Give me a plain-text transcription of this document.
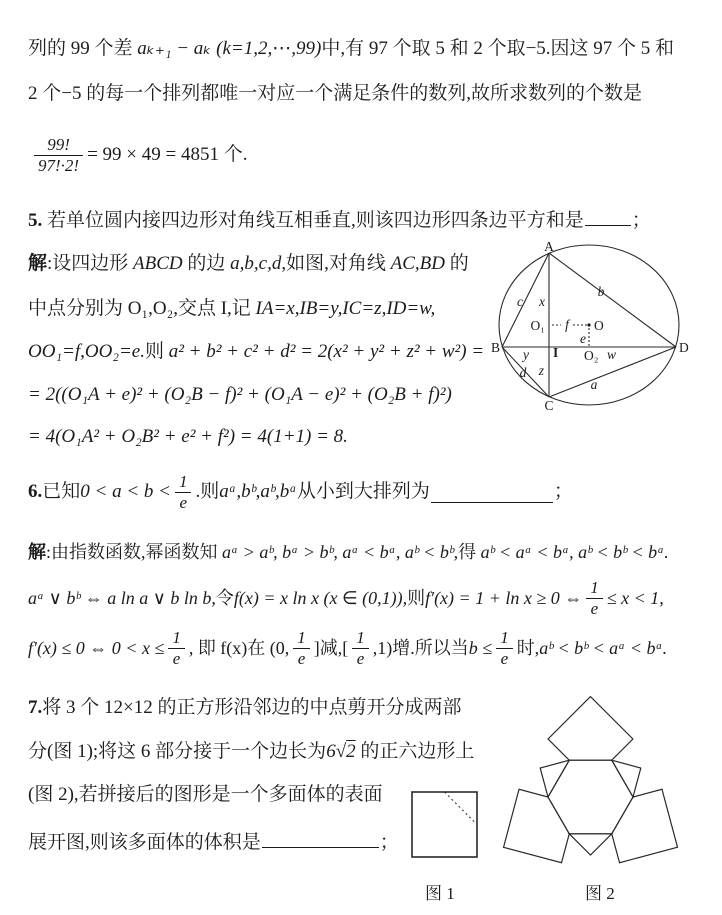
列的 99 个差 aₖ₊₁ − aₖ (k=1,2,⋯,99)中,有 97 个取 5 和 2 个取−5.因这 97 个 5 和
2 个−5 的每一个排列都唯一对应一个满足条件的数列,故所求数列的个数是
$\frac{99!}{97!\cdot 2!} = 99 \times 49 = 4851$ 个.
5. 若单位圆内接四边形对角线互相垂直,则该四边形四条边平方和是	；
解:设四边形 ABCD 的边 a,b,c,d,如图,对角线 AC,BD 的
中点分别为 O₁,O₂,交点 I,记 IA=x,IB=y,IC=z,ID=w,
OO₁=f,OO₂=e.则 a² + b² + c² + d² = 2(x² + y² + z² + w²) =
= 2((O₁A + e)² + (O₂B − f)² + (O₁A − e)² + (O₂B + f)²)
= 4(O₁A² + O₂B² + e² + f²) = 4(1+1) = 8.
A
B	D
C
c x
b
O₁ f O
e
y I O₂ w
z
d
a
6. 已知 $0 < a < b < \frac{1}{e}$ .则 aᵃ,bᵇ,aᵇ,bᵃ 从小到大排列为	；
解:由指数函数,幂函数知 aᵃ > aᵇ, bᵃ > bᵇ, aᵃ < bᵃ, aᵇ < bᵇ,得 aᵇ < aᵃ < bᵃ, aᵇ < bᵇ < bᵃ.
aᵃ ∨ bᵇ ⇔ a ln a ∨ b ln b, 令 f(x) = x ln x (x ∈ (0,1)), 则 f′(x) = 1 + ln x ≥ 0 ⇔ $\frac{1}{e} \le x < 1$,
f′(x) ≤ 0 ⇔ $0 < x \le \frac{1}{e}$ , 即 f(x)在 (0, $\frac{1}{e}$ ]减,[ $\frac{1}{e} ,1$)增.所以当 $b \le \frac{1}{e}$ 时, aᵇ < bᵇ < aᵃ < bᵃ.
7.将 3 个 12×12 的正方形沿邻边的中点剪开分成两部
分(图 1);将这 6 部分接于一个边长为6√2 的正六边形上
(图 2),若拼接后的图形是一个多面体的表面
展开图,则该多面体的体积是	；
图 1	图 2
